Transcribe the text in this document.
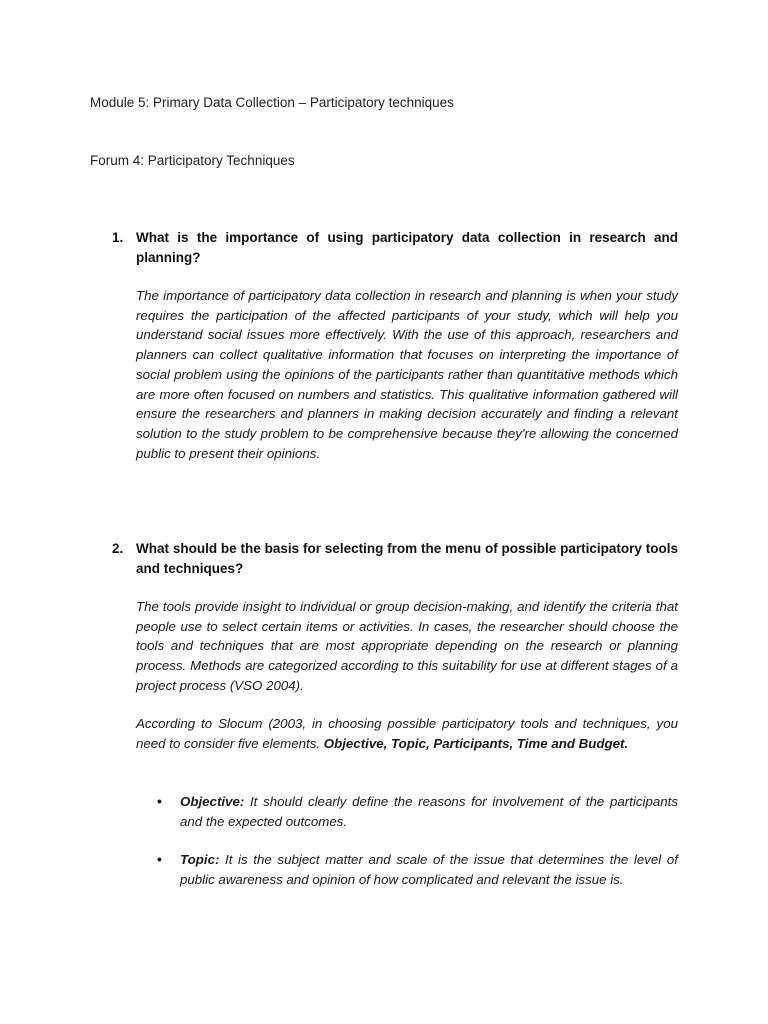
Module 5: Primary Data Collection – Participatory techniques
Forum 4: Participatory Techniques
1. What is the importance of using participatory data collection in research and planning?

The importance of participatory data collection in research and planning is when your study requires the participation of the affected participants of your study, which will help you understand social issues more effectively. With the use of this approach, researchers and planners can collect qualitative information that focuses on interpreting the importance of social problem using the opinions of the participants rather than quantitative methods which are more often focused on numbers and statistics. This qualitative information gathered will ensure the researchers and planners in making decision accurately and finding a relevant solution to the study problem to be comprehensive because they're allowing the concerned public to present their opinions.

2. What should be the basis for selecting from the menu of possible participatory tools and techniques?

The tools provide insight to individual or group decision-making, and identify the criteria that people use to select certain items or activities. In cases, the researcher should choose the tools and techniques that are most appropriate depending on the research or planning process. Methods are categorized according to this suitability for use at different stages of a project process (VSO 2004).

According to Slocum (2003, in choosing possible participatory tools and techniques, you need to consider five elements. Objective, Topic, Participants, Time and Budget.

• Objective: It should clearly define the reasons for involvement of the participants and the expected outcomes.
• Topic: It is the subject matter and scale of the issue that determines the level of public awareness and opinion of how complicated and relevant the issue is.
